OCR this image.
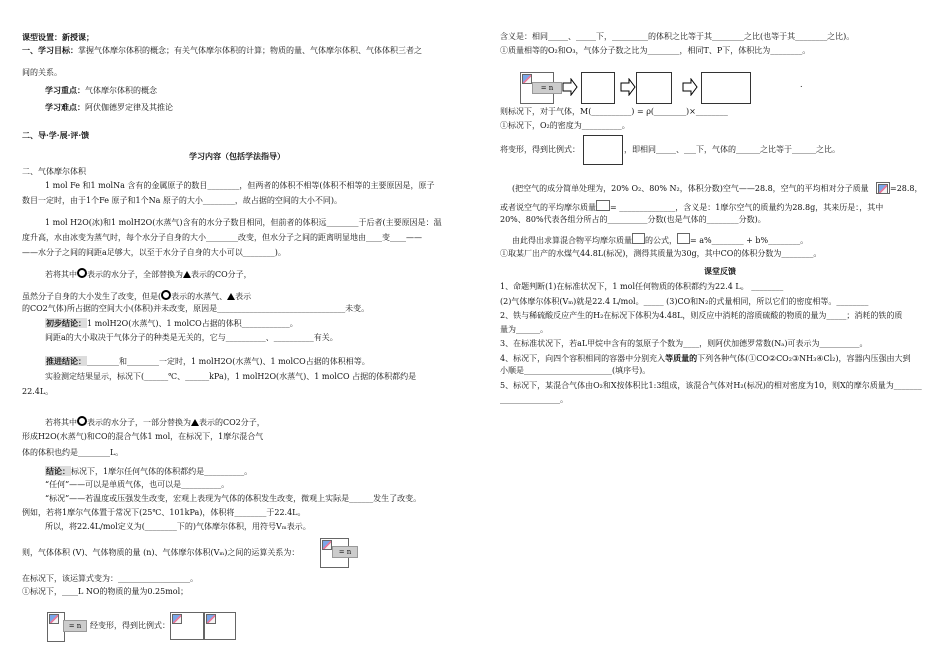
课型设置：新授课；
一、学习目标：掌握气体摩尔体积的概念；有关气体摩尔体积的计算；物质的量、气体摩尔体积、气体体积三者之
间的关系。
学习重点：气体摩尔体积的概念
学习难点：阿伏伽德罗定律及其推论
二、导·学·展·评·馈
学习内容（包括学法指导）
二、气体摩尔体积
1 mol Fe 和1 molNa 含有的金属原子的数目________，但两者的体积不相等(体积不相等的主要原因是，原子
数目一定时，由于1个Fe 原子和1个Na 原子的大小________，故占据的空间的大小不同)。
1 mol H2O(冰)和1 molH2O(水蒸气)含有的水分子数目相同，但前者的体积远________于后者(主要原因是：温
度升高，水由冰变为蒸气时，每个水分子自身的大小________改变，但水分子之间的距离明显地由____变____——
——水分子之间的间距a足够大，以至于水分子自身的大小可以________)。
若将其中 表示的水分子，全部替换为 表示的CO分子，
虽然分子自身的大小发生了改变，但是( 表示的水蒸气、 表示
的CO2气体)所占据的空间大小(体积)并未改变，原因是________________________________未变。
初步结论：1 molH2O(水蒸气)、1 molCO占据的体积____________。
间距a的大小取决于气体分子的种类是无关的，它与__________、__________有关。
推进结论：________和________一定时，1 molH2O(水蒸气)、1 molCO占据的体积相等。
实验测定结果显示，标况下(______℃、______kPa)，1 molH2O(水蒸气)、1 molCO 占据的体积都约是
22.4L。
若将其中 表示的水分子，一部分替换为 表示的CO2分子，
形成H2O(水蒸气)和CO的混合气体1 mol，在标况下，1摩尔混合气
体的体积也约是________L。
结论：标况下，1摩尔任何气体的体积都约是__________。
“任何”——可以是单质气体，也可以是__________。
“标况”——若温度或压强发生改变，宏观上表现为气体的体积发生改变，微观上实际是______发生了改变。
例如，若将1摩尔气体置于常况下(25℃、101kPa)，体积将________于22.4L。
所以，将22.4L/mol定义为(________下的)气体摩尔体积，用符号Vₘ表示。
则，气体体积 (V)、气体物质的量 (n)、气体摩尔体积(Vₘ)之间的运算关系为：	= n
在标况下，该运算式变为：__________________。
①标况下，____L NO的物质的量为0.25mol；
= n	经变形，得到比例式：
含义是：相同_____、_____下，_________的体积之比等于其________之比(也等于其________之比)。
①质量相等的O₂和O₃，气体分子数之比为________，相同T、P下，体积比为________。
= n	.
则标况下，对于气体，M(__________) = ρ(________)×________
①标况下，O₂的密度为__________。
将变形，得到比例式：	，即相同_____、___下，气体的______之比等于______之比。
(把空气的成分简单处理为，20% O₂、80% N₂，体积分数)空气——28.8，空气的平均相对分子质量	=28.8，
或者说空气的平均摩尔质量 = ______________，含义是：1摩尔空气的质量约为28.8g，其来历是：，其中
20%、80%代表各组分所占的__________分数(也是气体的________分数)。
由此得出求算混合物平均摩尔质量 的公式， = a%________ + b%________。
①取某厂出产的水煤气44.8L(标况)，测得其质量为30g，其中CO的体积分数为________。
课堂反馈
1、命题判断(1)在标准状况下，1 mol任何物质的体积都约为22.4 L。 ________
(2)气体摩尔体积(Vₘ)就是22.4 L/mol。_____ (3)CO和N₂的式量相同，所以它们的密度相等。________
2、铁与稀硫酸反应产生的H₂在标况下体积为4.48L，则反应中消耗的溶质硫酸的物质的量为_____；消耗的铁的质
量为______。
3、在标准状况下，若aL甲烷中含有的氢原子个数为____，则阿伏加德罗常数(Nₐ)可表示为__________。
4、标况下，向四个容积相同的容器中分别充入等质量的下列各种气体(①CO②CO₂③NH₃④Cl₂)，容器内压强由大到
小顺是______________________(填序号)。
5、标况下，某混合气体由O₂和X按体积比1:3组成，该混合气体对H₂(标况)的相对密度为10，则X的摩尔质量为_______
_______________。
